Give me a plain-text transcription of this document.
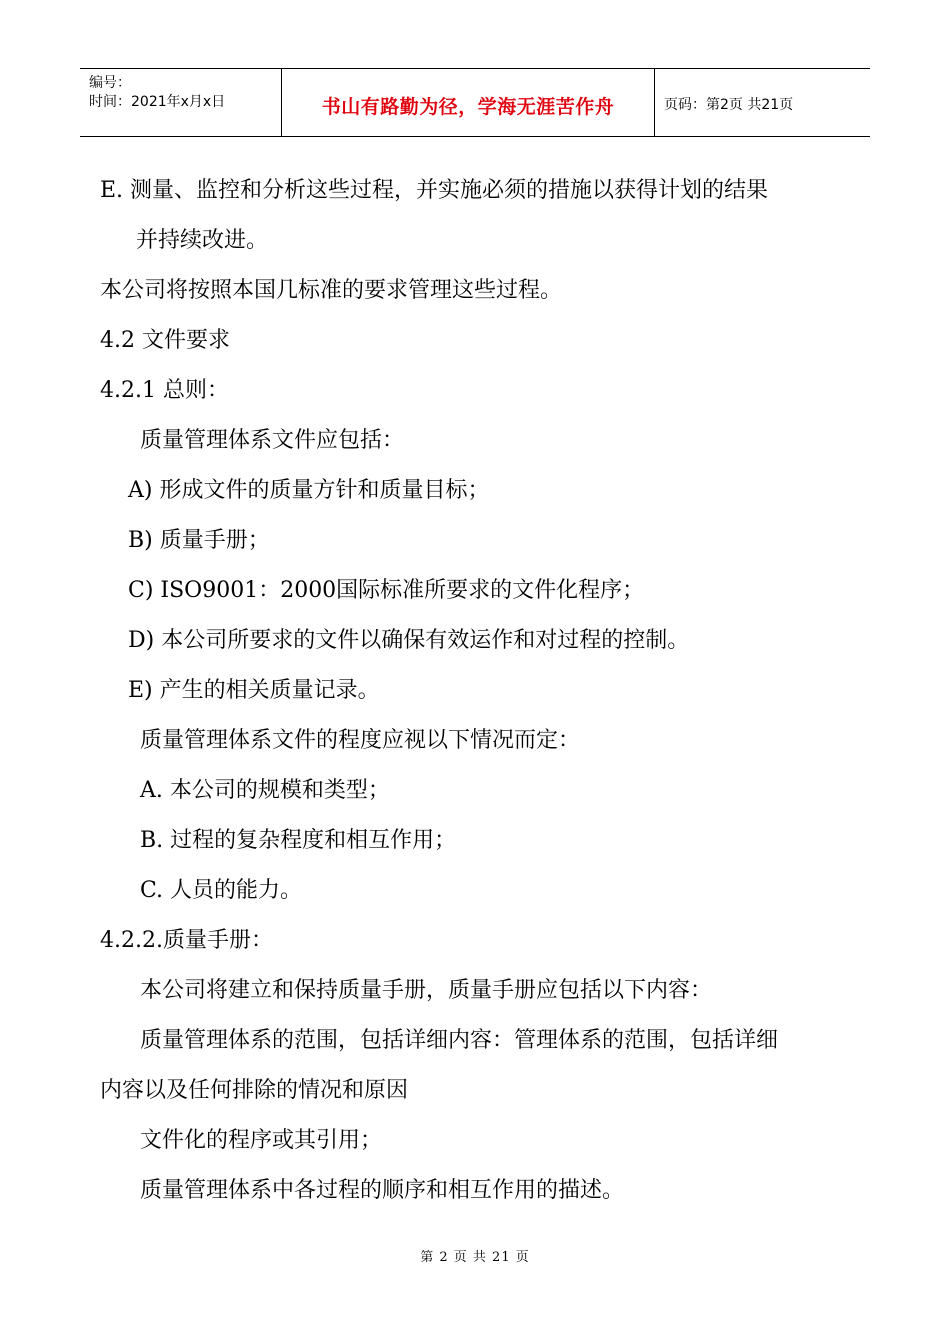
编号：
时间：2021年x月x日	书山有路勤为径，学海无涯苦作舟	页码：第2页 共21页
E. 测量、监控和分析这些过程，并实施必须的措施以获得计划的结果
并持续改进。
本公司将按照本国几标准的要求管理这些过程。
4.2 文件要求
4.2.1 总则：
质量管理体系文件应包括：
A) 形成文件的质量方针和质量目标；
B) 质量手册；
C) ISO9001：2000国际标准所要求的文件化程序；
D) 本公司所要求的文件以确保有效运作和对过程的控制。
E) 产生的相关质量记录。
质量管理体系文件的程度应视以下情况而定：
A. 本公司的规模和类型；
B. 过程的复杂程度和相互作用；
C. 人员的能力。
4.2.2.质量手册：
本公司将建立和保持质量手册，质量手册应包括以下内容：
质量管理体系的范围，包括详细内容：管理体系的范围，包括详细
内容以及任何排除的情况和原因
文件化的程序或其引用；
质量管理体系中各过程的顺序和相互作用的描述。
第 2 页 共 21 页
